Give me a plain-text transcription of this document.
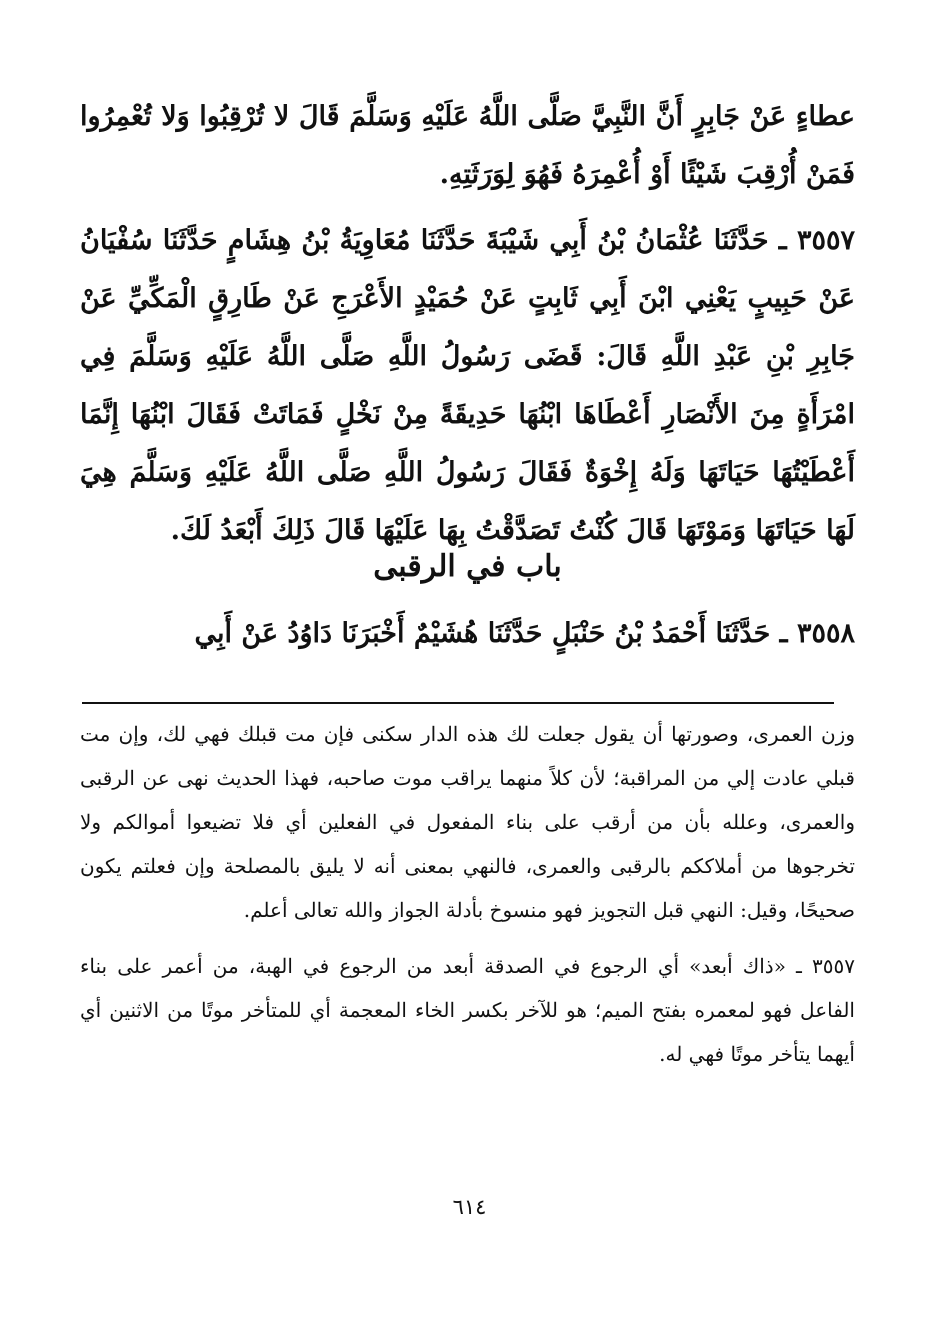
عطاءٍ عَنْ جَابِرٍ أَنَّ النَّبِيَّ صَلَّى اللَّهُ عَلَيْهِ وَسَلَّمَ قَالَ لا تُرْقِبُوا وَلا تُعْمِرُوا فَمَنْ أُرْقِبَ شَيْئًا أَوْ أُعْمِرَهُ فَهُوَ لِوَرَثَتِهِ.

٣٥٥٧ ـ حَدَّثَنَا عُثْمَانُ بْنُ أَبِي شَيْبَةَ حَدَّثَنَا مُعَاوِيَةُ بْنُ هِشَامٍ حَدَّثَنَا سُفْيَانُ عَنْ حَبِيبٍ يَعْنِي ابْنَ أَبِي ثَابِتٍ عَنْ حُمَيْدٍ الأَعْرَجِ عَنْ طَارِقٍ الْمَكِّيِّ عَنْ جَابِرِ بْنِ عَبْدِ اللَّهِ قَالَ: قَضَى رَسُولُ اللَّهِ صَلَّى اللَّهُ عَلَيْهِ وَسَلَّمَ فِي امْرَأَةٍ مِنَ الأَنْصَارِ أَعْطَاهَا ابْنُهَا حَدِيقَةً مِنْ نَخْلٍ فَمَاتَتْ فَقَالَ ابْنُهَا إِنَّمَا أَعْطَيْتُهَا حَيَاتَهَا وَلَهُ إِخْوَةٌ فَقَالَ رَسُولُ اللَّهِ صَلَّى اللَّهُ عَلَيْهِ وَسَلَّمَ هِيَ لَهَا حَيَاتَهَا وَمَوْتَهَا قَالَ كُنْتُ تَصَدَّقْتُ بِهَا عَلَيْهَا قَالَ ذَلِكَ أَبْعَدُ لَكَ.

باب في الرقبى
٣٥٥٨ ـ حَدَّثَنَا أَحْمَدُ بْنُ حَنْبَلٍ حَدَّثَنَا هُشَيْمٌ أَخْبَرَنَا دَاوُدُ عَنْ أَبِي

وزن العمرى، وصورتها أن يقول جعلت لك هذه الدار سكنى فإن مت قبلك فهي لك، وإن مت قبلي عادت إلي من المراقبة؛ لأن كلاً منهما يراقب موت صاحبه، فهذا الحديث نهى عن الرقبى والعمرى، وعلله بأن من أرقب على بناء المفعول في الفعلين أي فلا تضيعوا أموالكم ولا تخرجوها من أملاككم بالرقبى والعمرى، فالنهي بمعنى أنه لا يليق بالمصلحة وإن فعلتم يكون صحيحًا، وقيل: النهي قبل التجويز فهو منسوخ بأدلة الجواز والله تعالى أعلم.

٣٥٥٧ ـ «ذاك أبعد» أي الرجوع في الصدقة أبعد من الرجوع في الهبة، من أعمر على بناء الفاعل فهو لمعمره بفتح الميم؛ هو للآخر بكسر الخاء المعجمة أي للمتأخر موتًا من الاثنين أي أيهما يتأخر موتًا فهي له.

٦١٤
